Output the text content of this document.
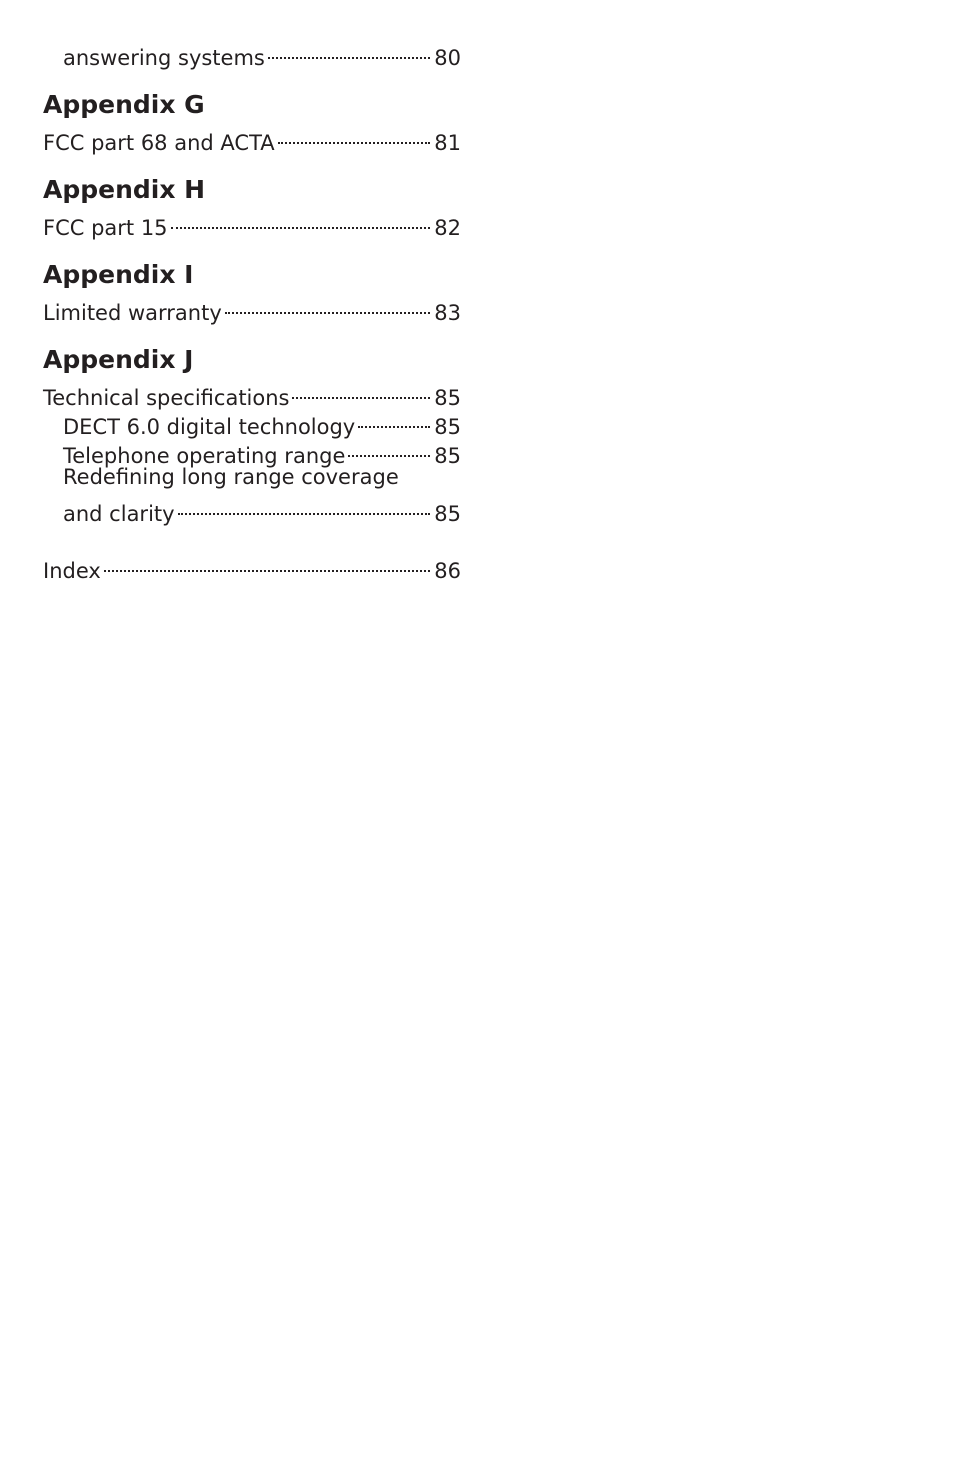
answering systems	80
Appendix G
FCC part 68 and ACTA	81
Appendix H
FCC part 15	82
Appendix I
Limited warranty	83
Appendix J
Technical specifications	85
DECT 6.0 digital technology	85
Telephone operating range	85
Redefining long range coverage
and clarity	85
Index	86
